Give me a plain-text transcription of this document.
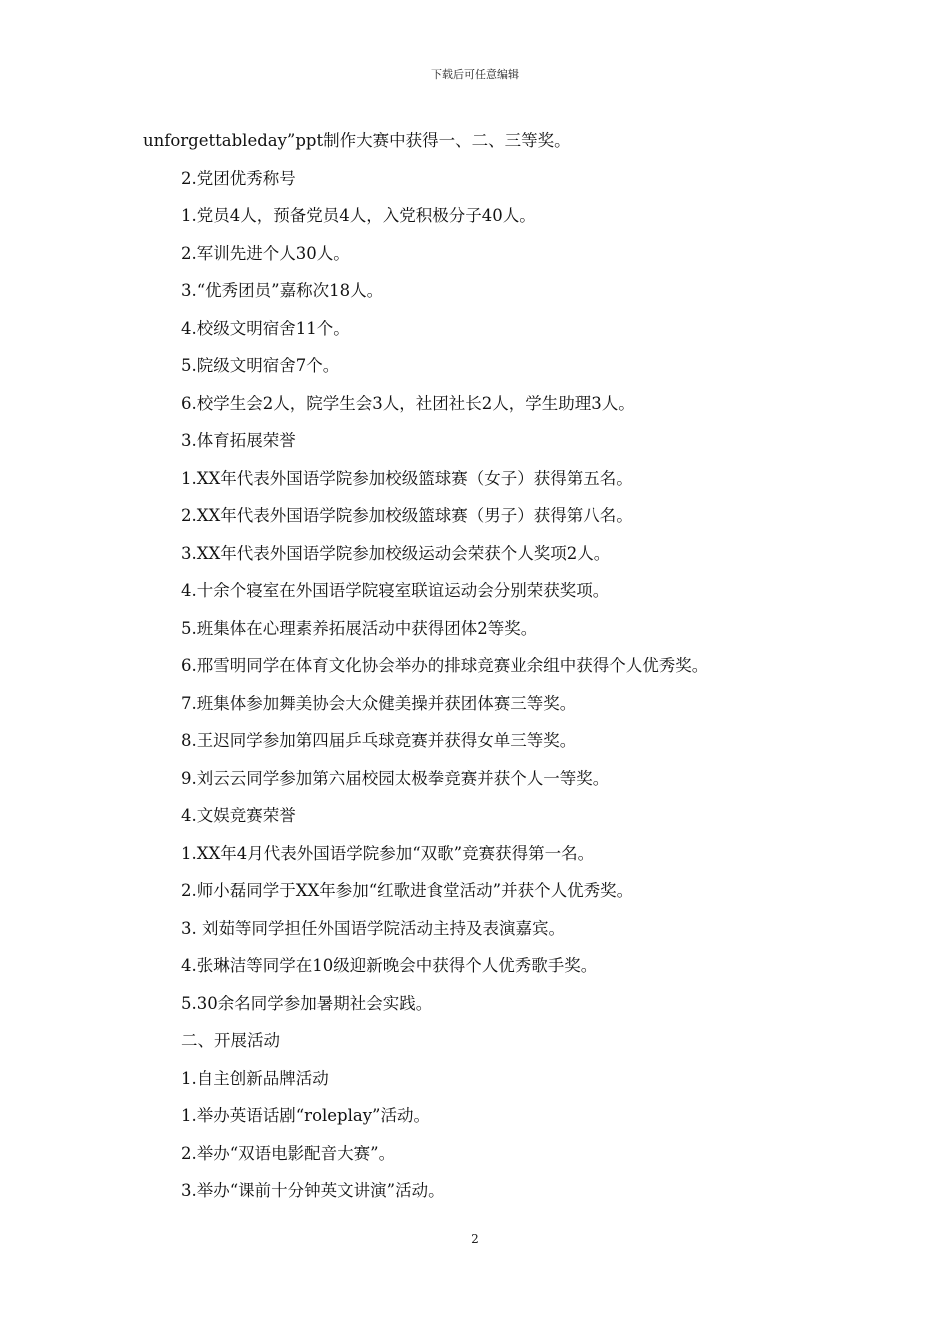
下载后可任意编辑
unforgettableday”ppt制作大赛中获得一、二、三等奖。
2.党团优秀称号
1.党员4人，预备党员4人，入党积极分子40人。
2.军训先进个人30人。
3.“优秀团员”嘉称次18人。
4.校级文明宿舍11个。
5.院级文明宿舍7个。
6.校学生会2人，院学生会3人，社团社长2人，学生助理3人。
3.体育拓展荣誉
1.XX年代表外国语学院参加校级篮球赛（女子）获得第五名。
2.XX年代表外国语学院参加校级篮球赛（男子）获得第八名。
3.XX年代表外国语学院参加校级运动会荣获个人奖项2人。
4.十余个寝室在外国语学院寝室联谊运动会分别荣获奖项。
5.班集体在心理素养拓展活动中获得团体2等奖。
6.邢雪明同学在体育文化协会举办的排球竞赛业余组中获得个人优秀奖。
7.班集体参加舞美协会大众健美操并获团体赛三等奖。
8.王迟同学参加第四届乒乓球竞赛并获得女单三等奖。
9.刘云云同学参加第六届校园太极拳竞赛并获个人一等奖。
4.文娱竞赛荣誉
1.XX年4月代表外国语学院参加“双歌”竞赛获得第一名。
2.师小磊同学于XX年参加“红歌进食堂活动”并获个人优秀奖。
3. 刘茹等同学担任外国语学院活动主持及表演嘉宾。
4.张琳洁等同学在10级迎新晚会中获得个人优秀歌手奖。
5.30余名同学参加暑期社会实践。
二、开展活动
1.自主创新品牌活动
1.举办英语话剧“roleplay”活动。
2.举办“双语电影配音大赛”。
3.举办“课前十分钟英文讲演”活动。
2
